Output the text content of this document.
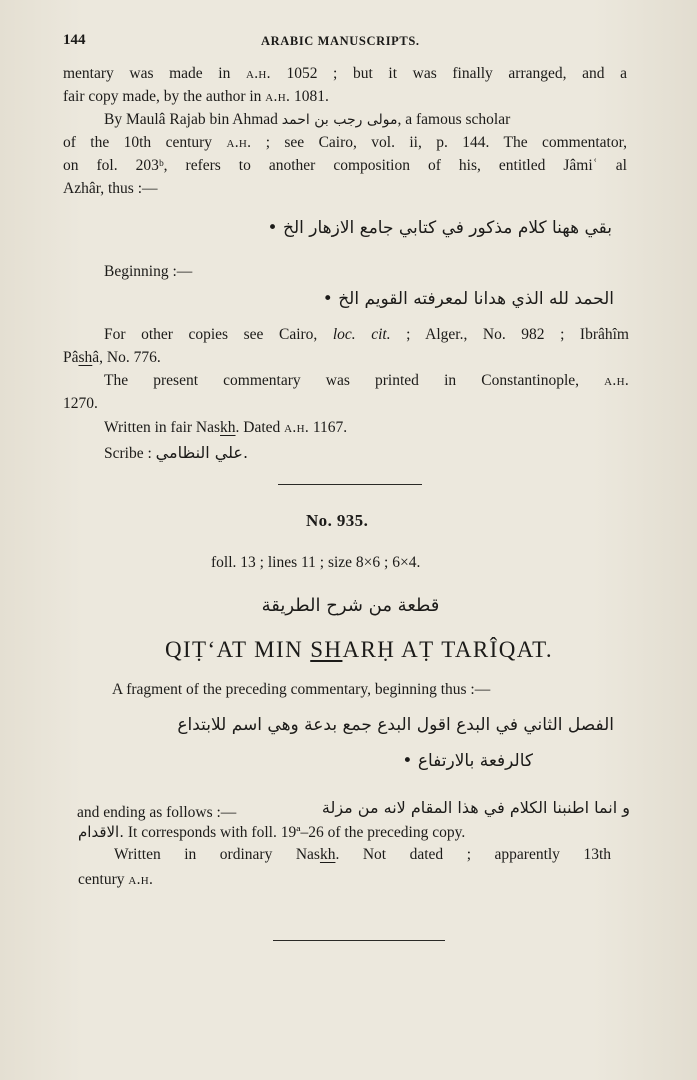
144	ARABIC MANUSCRIPTS.
mentary was made in a.h. 1052 ; but it was finally arranged, and a
fair copy made, by the author in a.h. 1081.
By Maulâ Rajab bin Ahmad مولى رجب بن احمد, a famous scholar
of the 10th century a.h. ; see Cairo, vol. ii, p. 144. The commentator,
on fol. 203ᵇ, refers to another composition of his, entitled Jâmiʿ al
Azhâr, thus :—
بقي ههنا كلام مذكور في كتابي جامع الازهار الخ •
Beginning :—
الحمد لله الذي هدانا لمعرفته القويم الخ •
For other copies see Cairo, loc. cit. ; Alger., No. 982 ; Ibrâhîm
Pâshâ, No. 776.
The present commentary was printed in Constantinople, a.h.
1270.
Written in fair Naskh. Dated a.h. 1167.
Scribe : علي النظامي.
No. 935.
foll. 13 ; lines 11 ; size 8×6 ; 6×4.
قطعة من شرح الطريقة
QIṬ‘AT MIN SHARḤ AṬ TARÎQAT.
A fragment of the preceding commentary, beginning thus :—
الفصل الثاني في البدع اقول البدع جمع بدعة وهي اسم للابتداع
كالرفعة بالارتفاع •
and ending as follows :—	و انما اطنبنا الكلام في هذا المقام لانه من مزلة
الاقدام. It corresponds with foll. 19ª–26 of the preceding copy.
Written in ordinary Naskh. Not dated ; apparently 13th
century a.h.
